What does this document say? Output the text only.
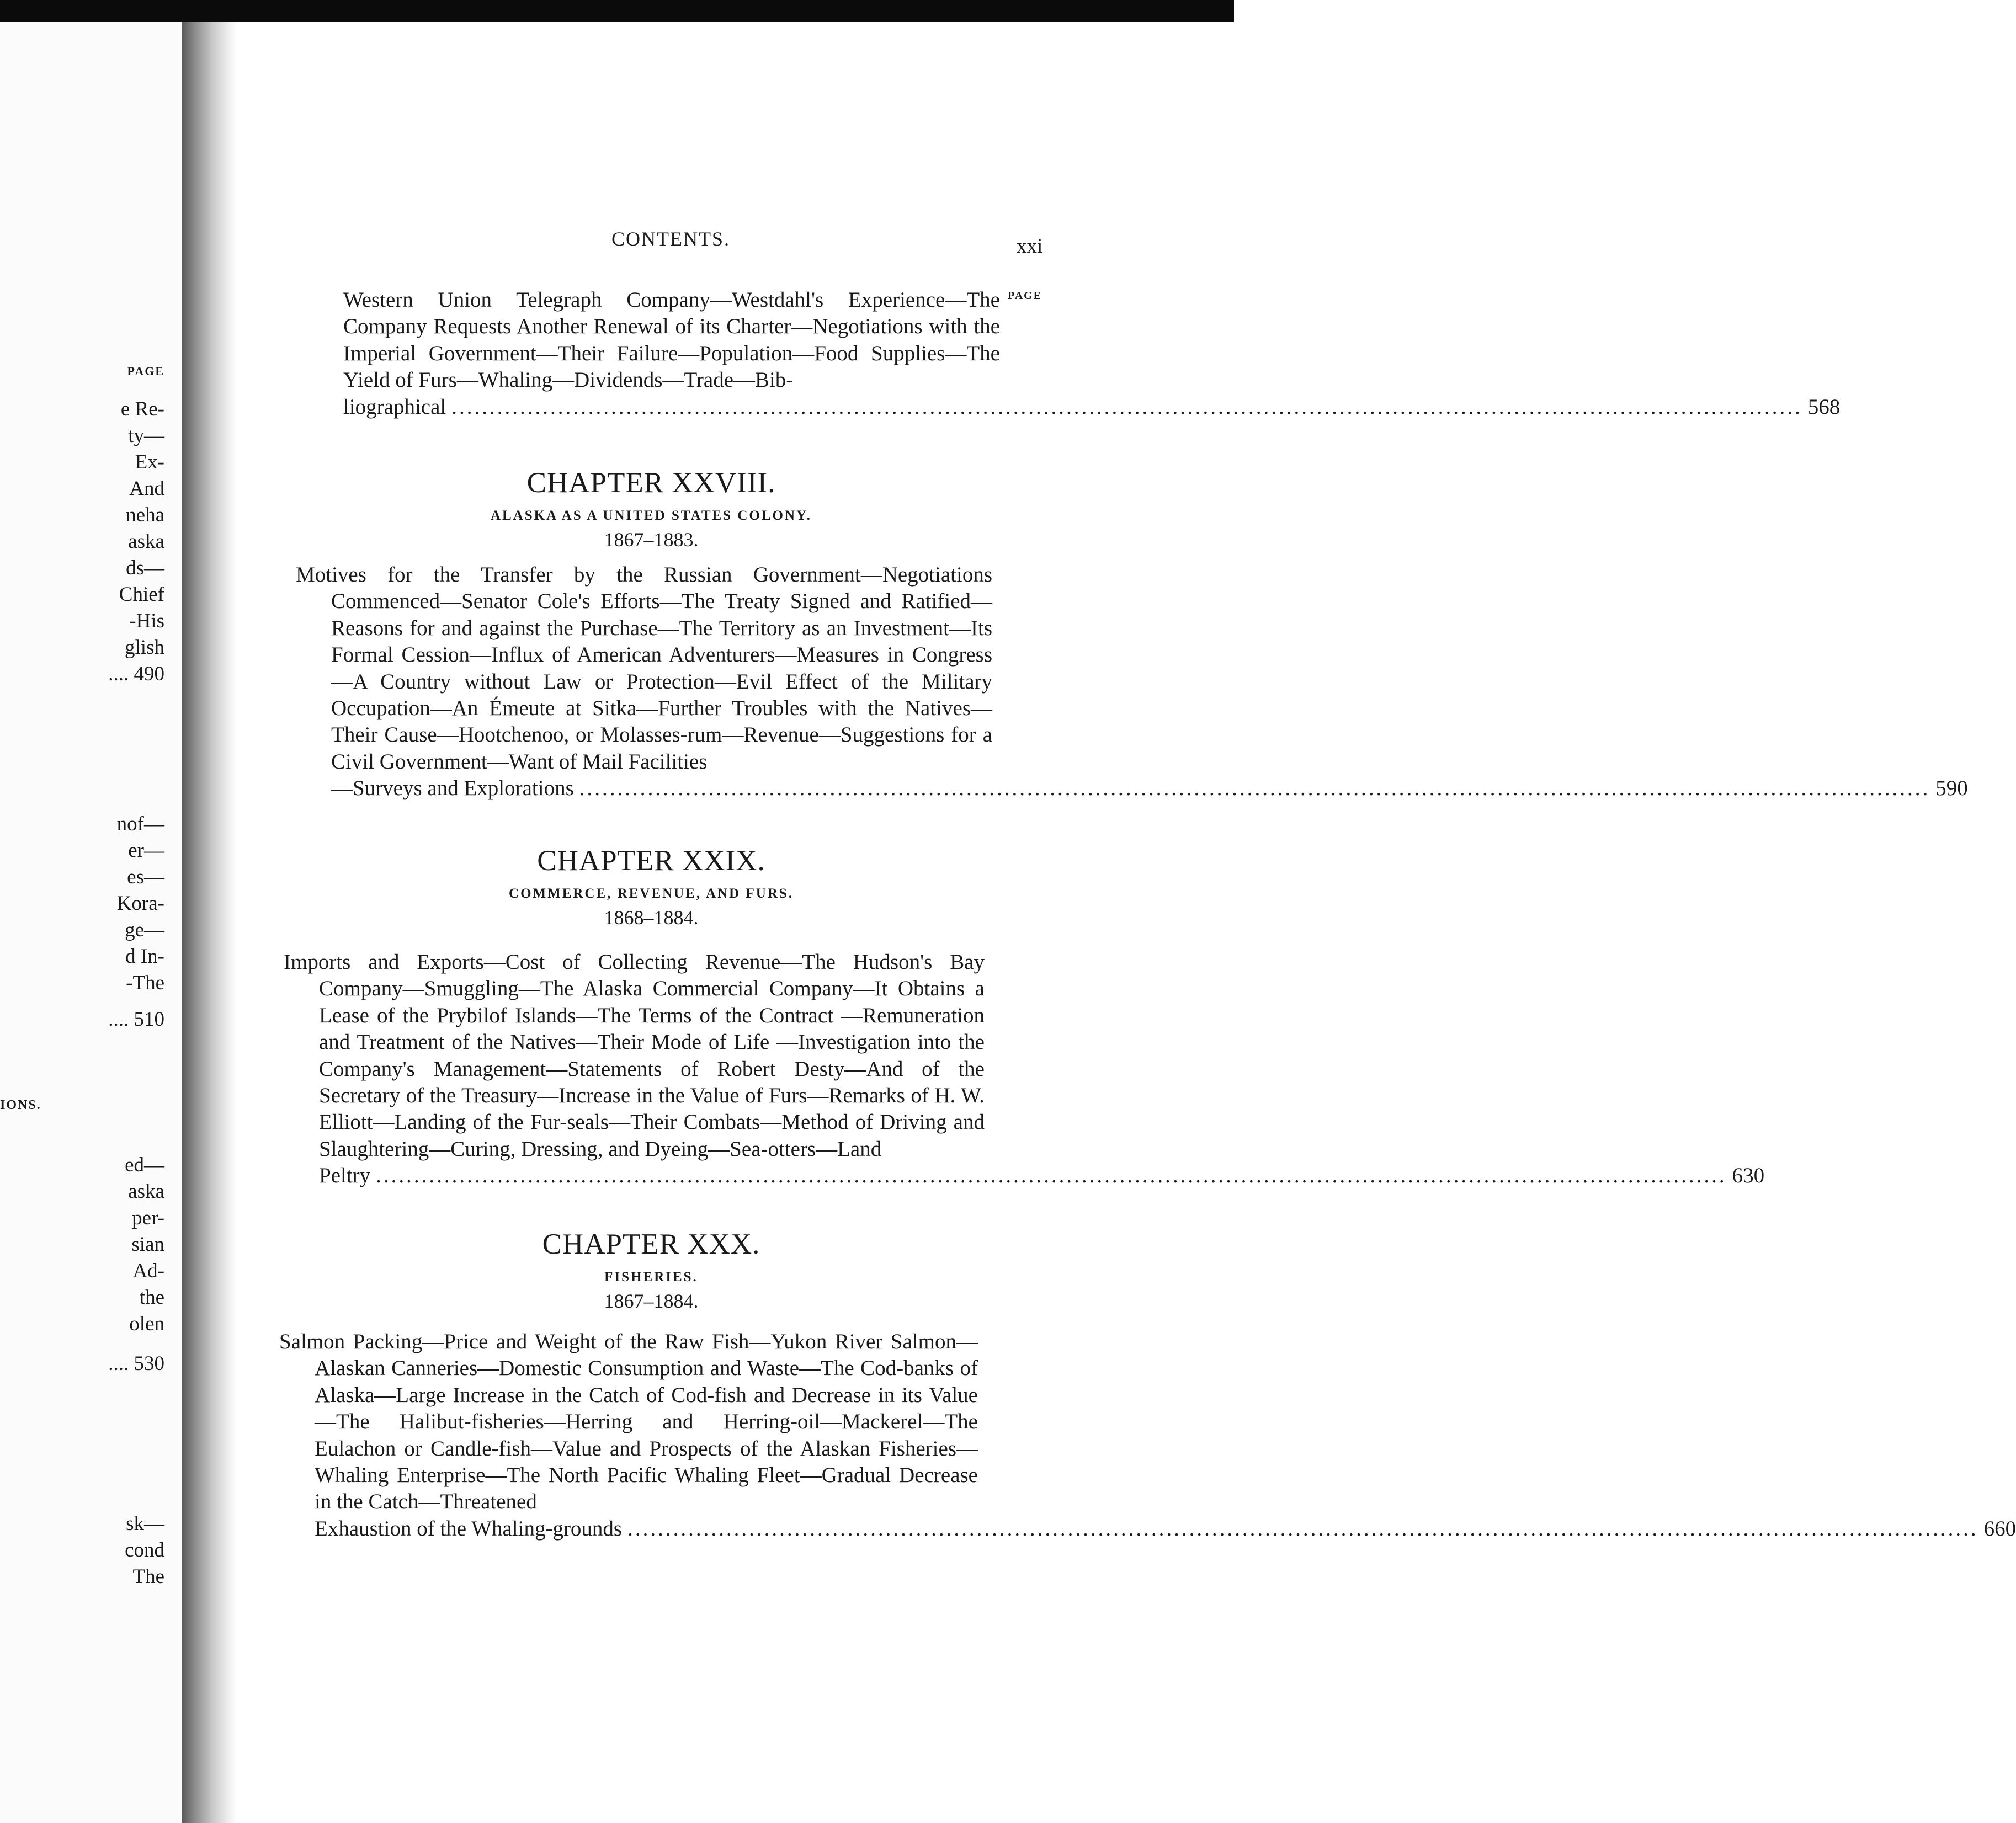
PAGE
e Re-
ty—
Ex-
And
neha
aska
ds—
Chief
-His
glish
.... 490
nof—
er—
es—
Kora-
ge—
d In-
-The
.... 510
IONS.
ed—
aska
per-
sian
Ad-
the
olen
.... 530
sk—
cond
The
CONTENTS.	xxi
PAGE

Western Union Telegraph Company—Westdahl's Experience—The Company Requests Another Renewal of its Charter—Negotiations with the Imperial Government—Their Failure—Population—Food Supplies—The Yield of Furs—Whaling—Dividends—Trade—Bib-

liographical .................................................................................................................................................................................. 568
CHAPTER XXVIII.
ALASKA AS A UNITED STATES COLONY.
1867–1883.

Motives for the Transfer by the Russian Government—Negotiations Commenced—Senator Cole's Efforts—The Treaty Signed and Ratified—Reasons for and against the Purchase—The Territory as an Investment—Its Formal Cession—Influx of American Adventurers—Measures in Congress—A Country without Law or Protection—Evil Effect of the Military Occupation—An Émeute at Sitka—Further Troubles with the Natives—Their Cause—Hootchenoo, or Molasses-rum—Revenue—Suggestions for a Civil Government—Want of Mail Facilities

—Surveys and Explorations .................................................................................................................................................................................. 590
CHAPTER XXIX.
COMMERCE, REVENUE, AND FURS.
1868–1884.

Imports and Exports—Cost of Collecting Revenue—The Hudson's Bay Company—Smuggling—The Alaska Commercial Company—It Obtains a Lease of the Prybilof Islands—The Terms of the Contract —Remuneration and Treatment of the Natives—Their Mode of Life —Investigation into the Company's Management—Statements of Robert Desty—And of the Secretary of the Treasury—Increase in the Value of Furs—Remarks of H. W. Elliott—Landing of the Fur-seals—Their Combats—Method of Driving and Slaughtering—Curing, Dressing, and Dyeing—Sea-otters—Land

Peltry .................................................................................................................................................................................. 630
CHAPTER XXX.
FISHERIES.
1867–1884.

Salmon Packing—Price and Weight of the Raw Fish—Yukon River Salmon—Alaskan Canneries—Domestic Consumption and Waste—The Cod-banks of Alaska—Large Increase in the Catch of Cod-fish and Decrease in its Value—The Halibut-fisheries—Herring and Herring-oil—Mackerel—The Eulachon or Candle-fish—Value and Prospects of the Alaskan Fisheries—Whaling Enterprise—The North Pacific Whaling Fleet—Gradual Decrease in the Catch—Threatened

Exhaustion of the Whaling-grounds .................................................................................................................................................................................. 660
